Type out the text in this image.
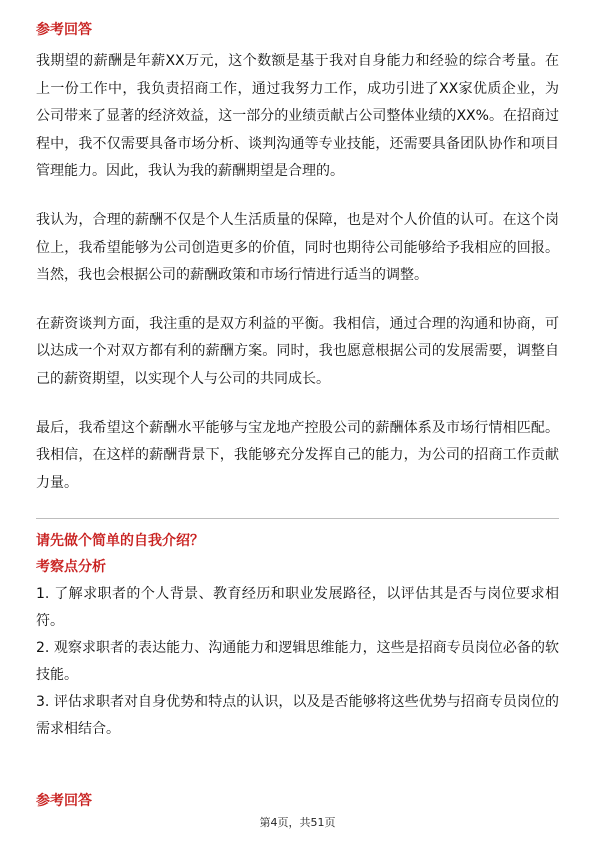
参考回答

我期望的薪酬是年薪XX万元，这个数额是基于我对自身能力和经验的综合考量。在上一份工作中，我负责招商工作，通过我努力工作，成功引进了XX家优质企业，为公司带来了显著的经济效益，这一部分的业绩贡献占公司整体业绩的XX%。在招商过程中，我不仅需要具备市场分析、谈判沟通等专业技能，还需要具备团队协作和项目管理能力。因此，我认为我的薪酬期望是合理的。

我认为，合理的薪酬不仅是个人生活质量的保障，也是对个人价值的认可。在这个岗位上，我希望能够为公司创造更多的价值，同时也期待公司能够给予我相应的回报。当然，我也会根据公司的薪酬政策和市场行情进行适当的调整。

在薪资谈判方面，我注重的是双方利益的平衡。我相信，通过合理的沟通和协商，可以达成一个对双方都有利的薪酬方案。同时，我也愿意根据公司的发展需要，调整自己的薪资期望，以实现个人与公司的共同成长。

最后，我希望这个薪酬水平能够与宝龙地产控股公司的薪酬体系及市场行情相匹配。我相信，在这样的薪酬背景下，我能够充分发挥自己的能力，为公司的招商工作贡献力量。

请先做个简单的自我介绍？
考察点分析

1. 了解求职者的个人背景、教育经历和职业发展路径，以评估其是否与岗位要求相符。

2. 观察求职者的表达能力、沟通能力和逻辑思维能力，这些是招商专员岗位必备的软技能。

3. 评估求职者对自身优势和特点的认识，以及是否能够将这些优势与招商专员岗位的需求相结合。

参考回答
第4页，共51页
